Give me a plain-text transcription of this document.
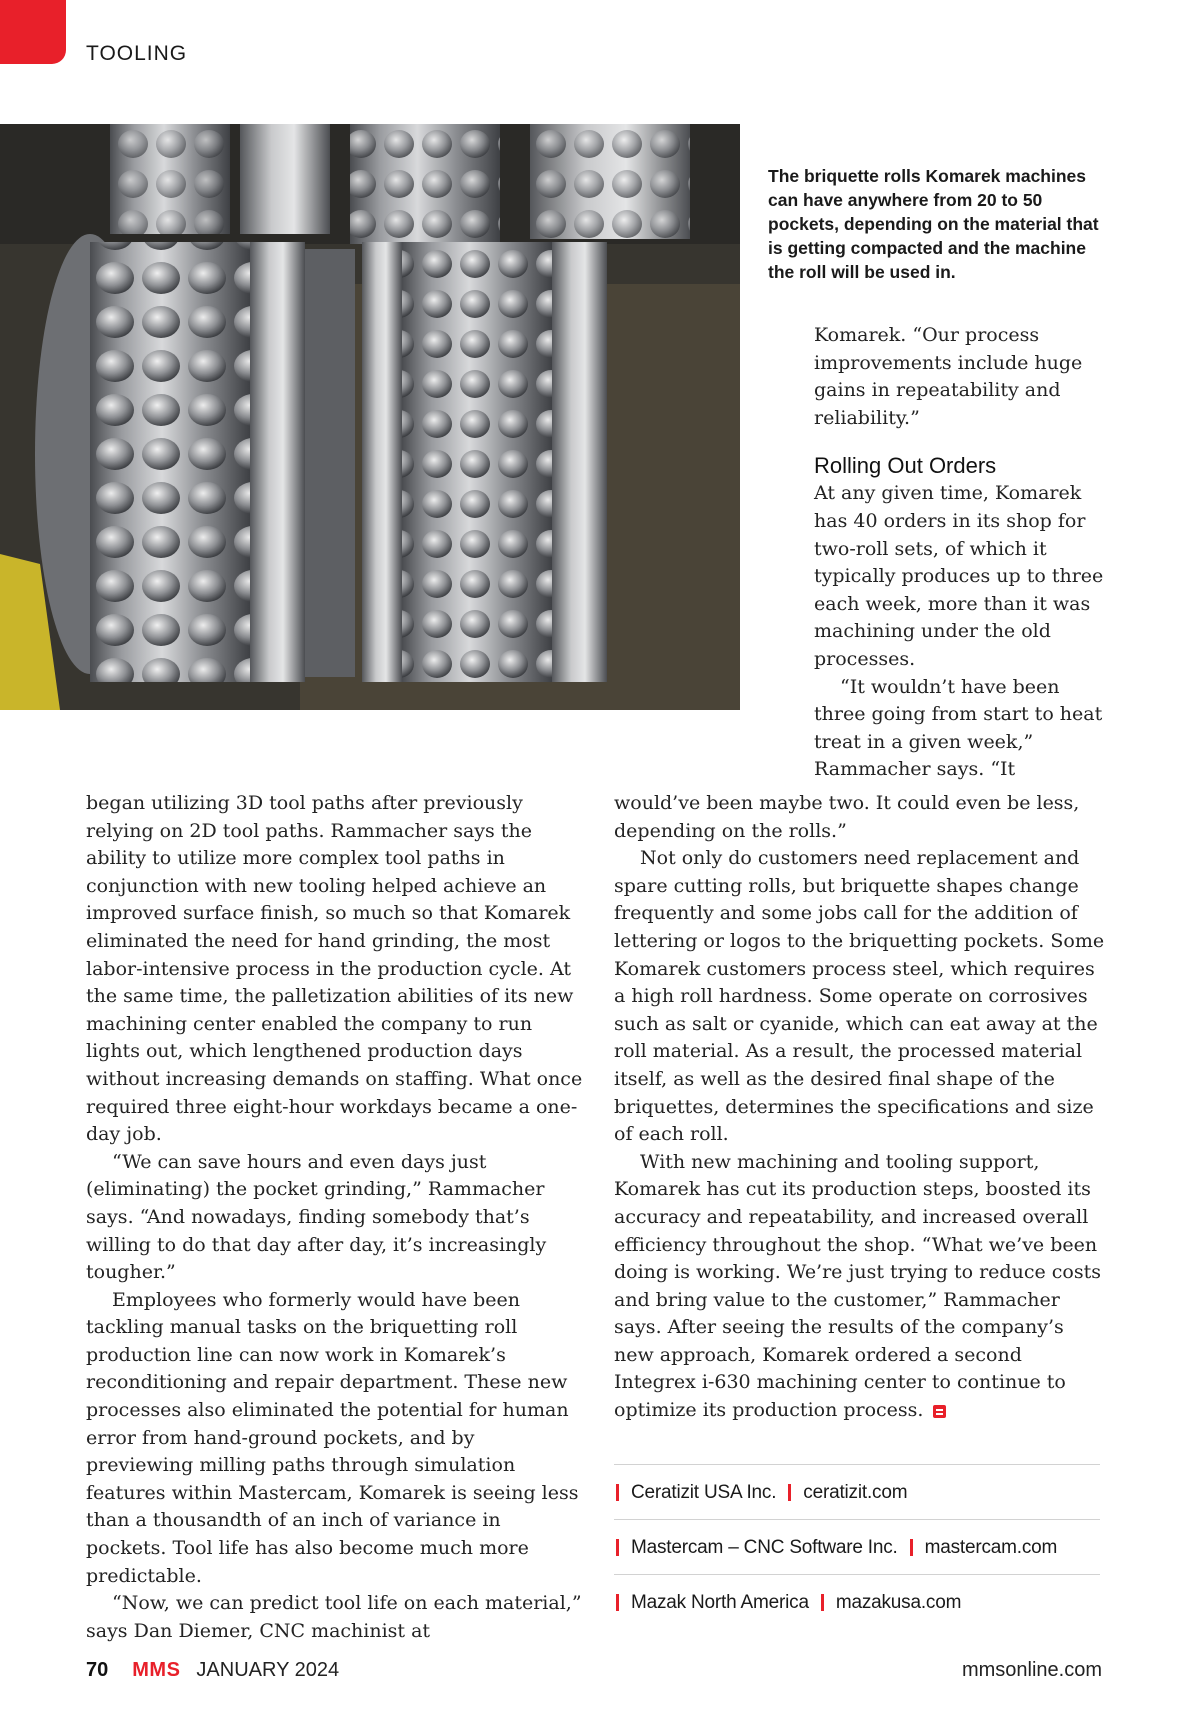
TOOLING
The briquette rolls Komarek machines can have anywhere from 20 to 50 pockets, depending on the material that is getting compacted and the machine the roll will be used in.

Komarek. “Our process improvements include huge gains in repeatability and reliability.”

Rolling Out Orders

At any given time, Komarek has 40 orders in its shop for two-roll sets, of which it typically produces up to three each week, more than it was machining under the old processes.

“It wouldn’t have been three going from start to heat treat in a given week,” Rammacher says. “It

began utilizing 3D tool paths after previously relying on 2D tool paths. Rammacher says the ability to utilize more complex tool paths in conjunction with new tooling helped achieve an improved surface finish, so much so that Komarek eliminated the need for hand grinding, the most labor-intensive process in the production cycle. At the same time, the palletization abilities of its new machining center enabled the company to run lights out, which lengthened production days without increasing demands on staffing. What once required three eight-hour workdays became a one-day job.

“We can save hours and even days just (eliminating) the pocket grinding,” Rammacher says. “And nowadays, finding somebody that’s willing to do that day after day, it’s increasingly tougher.”

Employees who formerly would have been tackling manual tasks on the briquetting roll production line can now work in Komarek’s reconditioning and repair department. These new processes also eliminated the potential for human error from hand-ground pockets, and by previewing milling paths through simulation features within Mastercam, Komarek is seeing less than a thousandth of an inch of variance in pockets. Tool life has also become much more predictable.

“Now, we can predict tool life on each material,” says Dan Diemer, CNC machinist at

would’ve been maybe two. It could even be less, depending on the rolls.”

Not only do customers need replacement and spare cutting rolls, but briquette shapes change frequently and some jobs call for the addition of lettering or logos to the briquetting pockets. Some Komarek customers process steel, which requires a high roll hardness. Some operate on corrosives such as salt or cyanide, which can eat away at the roll material. As a result, the processed material itself, as well as the desired final shape of the briquettes, determines the specifications and size of each roll.

With new machining and tooling support, Komarek has cut its production steps, boosted its accuracy and repeatability, and increased overall efficiency throughout the shop. “What we’ve been doing is working. We’re just trying to reduce costs and bring value to the customer,” Rammacher says. After seeing the results of the company’s new approach, Komarek ordered a second Integrex i-630 machining center to continue to optimize its production process.

Ceratizit USA Inc. ceratizit.com
Mastercam – CNC Software Inc. mastercam.com
Mazak North America mazakusa.com
70 MMS JANUARY 2024	mmsonline.com
